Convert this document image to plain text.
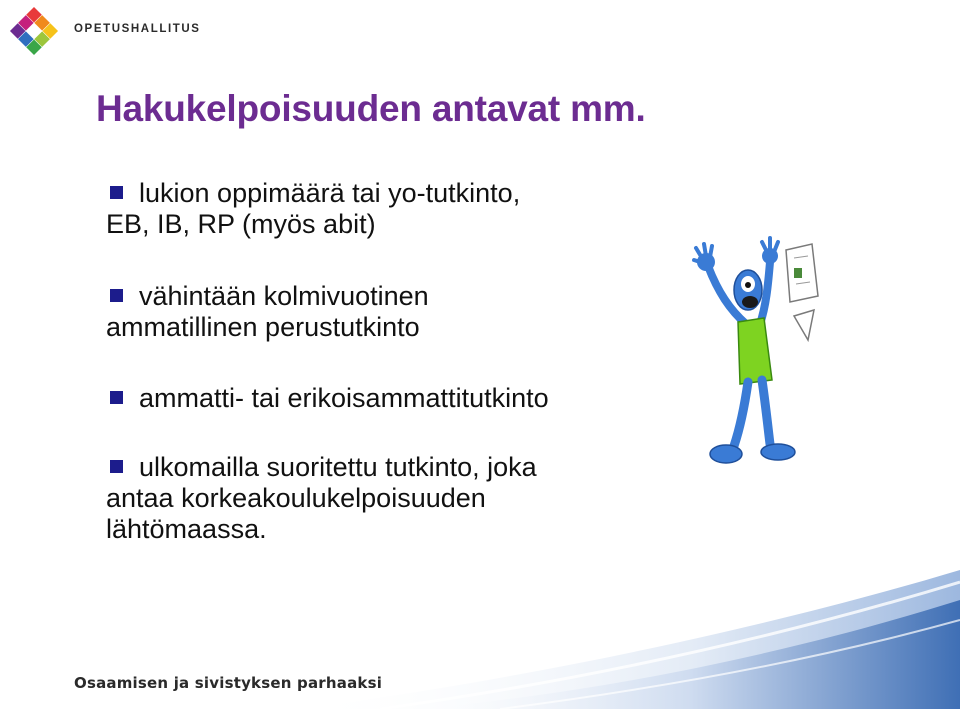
OPETUSHALLITUS
Hakukelpoisuuden antavat mm.

lukion oppimäärä tai yo-tutkinto,
EB, IB, RP (myös abit)

vähintään kolmivuotinen
ammatillinen perustutkinto

ammatti- tai erikoisammattitutkinto

ulkomailla suoritettu tutkinto, joka
antaa korkeakoulukelpoisuuden
lähtömaassa.

Osaamisen ja sivistyksen parhaaksi
